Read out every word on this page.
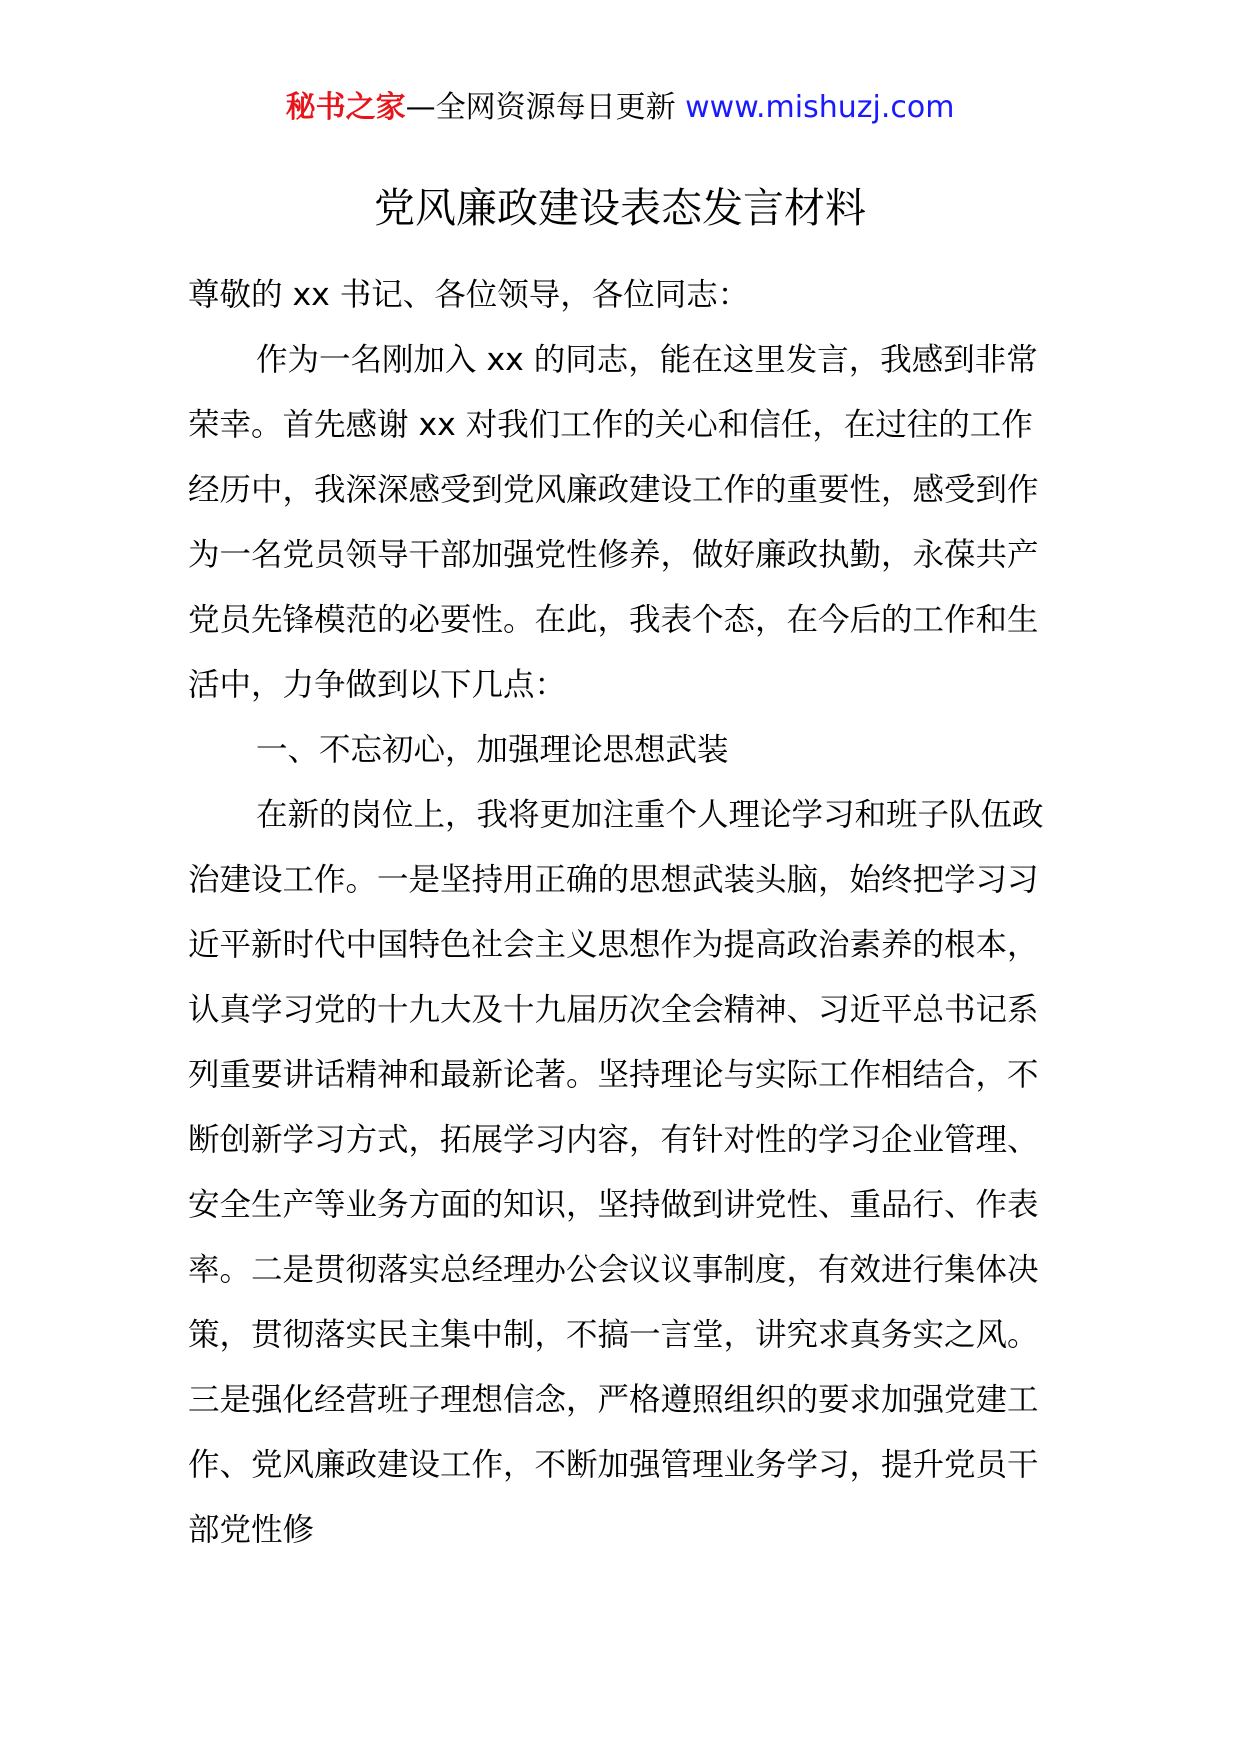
秘书之家—全网资源每日更新 www.mishuzj.com
党风廉政建设表态发言材料

尊敬的 xx 书记、各位领导，各位同志：

作为一名刚加入 xx 的同志，能在这里发言，我感到非常荣幸。首先感谢 xx 对我们工作的关心和信任，在过往的工作经历中，我深深感受到党风廉政建设工作的重要性，感受到作为一名党员领导干部加强党性修养，做好廉政执勤，永葆共产党员先锋模范的必要性。在此，我表个态，在今后的工作和生活中，力争做到以下几点：

一、不忘初心，加强理论思想武装

在新的岗位上，我将更加注重个人理论学习和班子队伍政治建设工作。一是坚持用正确的思想武装头脑，始终把学习习近平新时代中国特色社会主义思想作为提高政治素养的根本，认真学习党的十九大及十九届历次全会精神、习近平总书记系列重要讲话精神和最新论著。坚持理论与实际工作相结合，不断创新学习方式，拓展学习内容，有针对性的学习企业管理、安全生产等业务方面的知识，坚持做到讲党性、重品行、作表率。二是贯彻落实总经理办公会议议事制度，有效进行集体决策，贯彻落实民主集中制，不搞一言堂，讲究求真务实之风。三是强化经营班子理想信念，严格遵照组织的要求加强党建工作、党风廉政建设工作，不断加强管理业务学习，提升党员干部党性修
